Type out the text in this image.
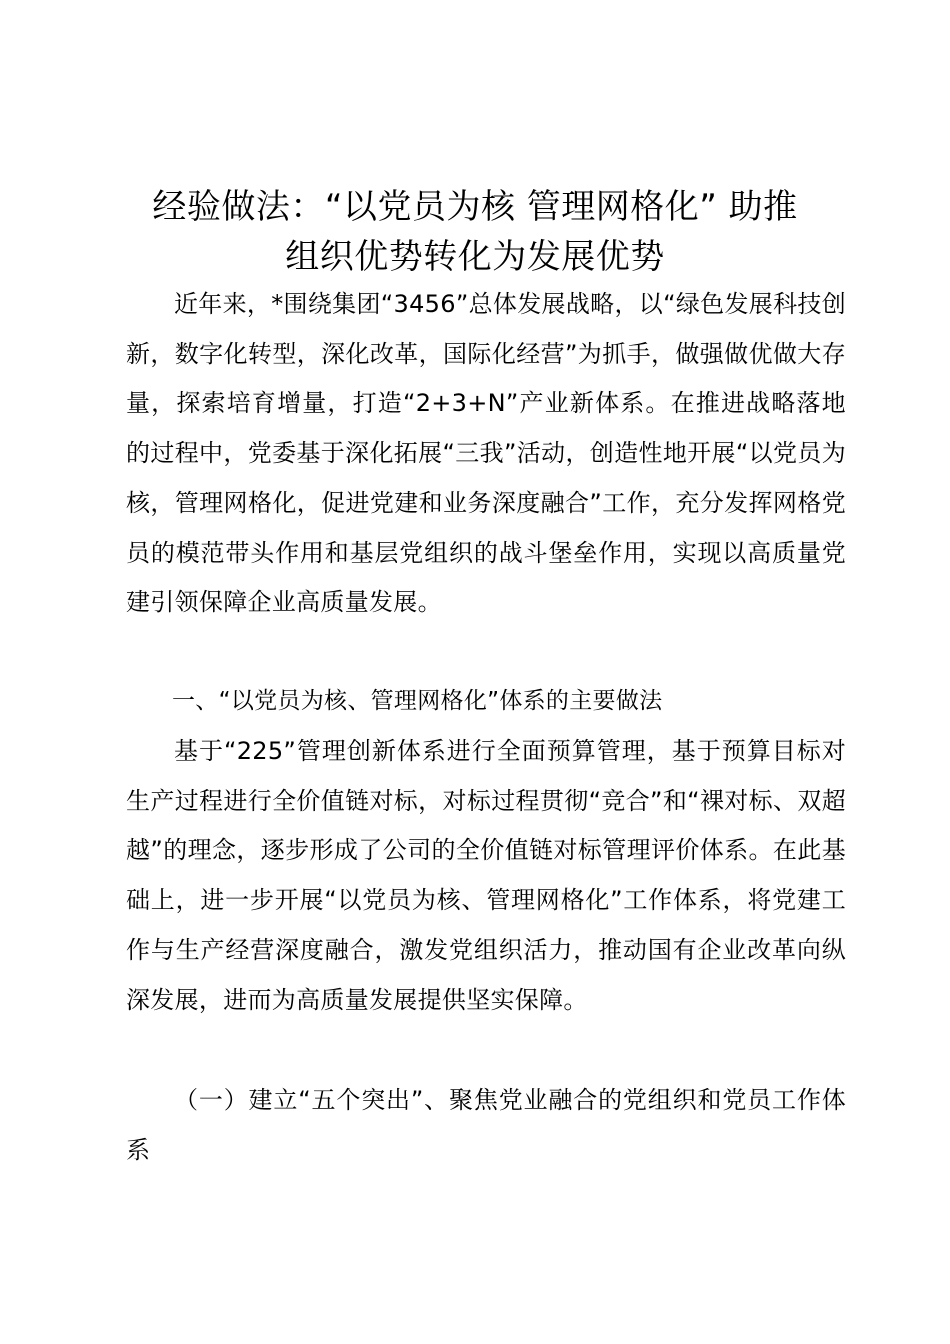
经验做法：“以党员为核 管理网格化” 助推
组织优势转化为发展优势

近年来，*围绕集团“3456”总体发展战略，以“绿色发展科技创新，数字化转型，深化改革，国际化经营”为抓手，做强做优做大存量，探索培育增量，打造“2+3+N”产业新体系。在推进战略落地的过程中，党委基于深化拓展“三我”活动，创造性地开展“以党员为核，管理网格化，促进党建和业务深度融合”工作，充分发挥网格党员的模范带头作用和基层党组织的战斗堡垒作用，实现以高质量党建引领保障企业高质量发展。

一、“以党员为核、管理网格化”体系的主要做法

基于“225”管理创新体系进行全面预算管理，基于预算目标对生产过程进行全价值链对标，对标过程贯彻“竞合”和“裸对标、双超越”的理念，逐步形成了公司的全价值链对标管理评价体系。在此基础上，进一步开展“以党员为核、管理网格化”工作体系，将党建工作与生产经营深度融合，激发党组织活力，推动国有企业改革向纵深发展，进而为高质量发展提供坚实保障。

（一）建立“五个突出”、聚焦党业融合的党组织和党员工作体系
